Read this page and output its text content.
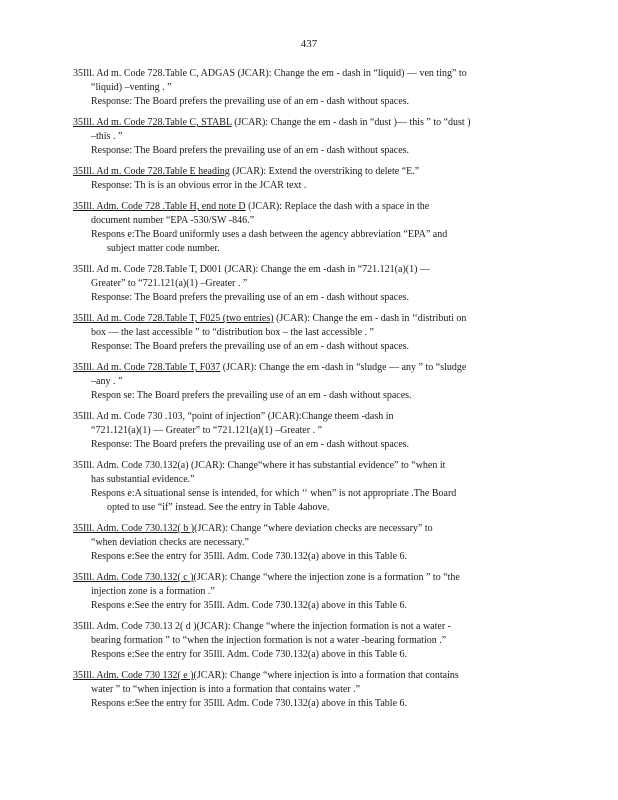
437
35Ill. Ad m. Code 728.Table C, ADGAS (JCAR): Change the em - dash in “liquid) — ven ting” to
“liquid) –venting . ”
Response: The Board prefers the prevailing use of an em - dash without spaces.
35Ill. Ad m. Code 728.Table C, STABL (JCAR): Change the em - dash in “dust )— this ” to “dust )
–this . ”
Response: The Board prefers the prevailing use of an em - dash without spaces.
35Ill. Ad m. Code 728.Table E heading (JCAR): Extend the overstriking to delete “E.”
Response: Th is is an obvious error in the JCAR text .
35Ill. Adm. Code 728 .Table H, end note D (JCAR): Replace the dash with a space in the
document number “EPA -530/SW -846.”
Respons e:The Board uniformly uses a dash between the agency abbreviation “EPA” and
subject matter code number.
35Ill. Ad m. Code 728.Table T, D001 (JCAR): Change the em -dash in “721.121(a)(1) —
Greater” to “721.121(a)(1) –Greater . ”
Response: The Board prefers the prevailing use of an em - dash without spaces.
35Ill. Ad m. Code 728.Table T, F025 (two entries) (JCAR): Change the em - dash in ‘‘distributi on
box — the last accessible ” to “distribution box – the last accessible . ”
Response: The Board prefers the prevailing use of an em - dash without spaces.
35Ill. Ad m. Code 728.Table T, F037 (JCAR): Change the em -dash in “sludge — any ” to “sludge
–any . ”
Respon se: The Board prefers the prevailing use of an em - dash without spaces.
35Ill. Ad m. Code 730 .103, “point of injection” (JCAR):Change theem -dash in
“721.121(a)(1) — Greater” to “721.121(a)(1) –Greater . ”
Response: The Board prefers the prevailing use of an em - dash without spaces.
35Ill. Adm. Code 730.132(a) (JCAR): Change“where it has substantial evidence” to “when it
has substantial evidence.”
Respons e:A situational sense is intended, for which ‘‘ when” is not appropriate .The Board
opted to use “if” instead. See the entry in Table 4above.
35Ill. Adm. Code 730.132( b )(JCAR): Change “where deviation checks are necessary” to
“when deviation checks are necessary.”
Respons e:See the entry for 35Ill. Adm. Code 730.132(a) above in this Table 6.
35Ill. Adm. Code 730.132( c )(JCAR): Change “where the injection zone is a formation ” to “the
injection zone is a formation .”
Respons e:See the entry for 35Ill. Adm. Code 730.132(a) above in this Table 6.
35Ill. Adm. Code 730.13 2( d )(JCAR): Change “where the injection formation is not a water -
bearing formation ” to “when the injection formation is not a water -bearing formation .”
Respons e:See the entry for 35Ill. Adm. Code 730.132(a) above in this Table 6.
35Ill. Adm. Code 730 132( e )(JCAR): Change “where injection is into a formation that contains
water ” to “when injection is into a formation that contains water .”
Respons e:See the entry for 35Ill. Adm. Code 730.132(a) above in this Table 6.
